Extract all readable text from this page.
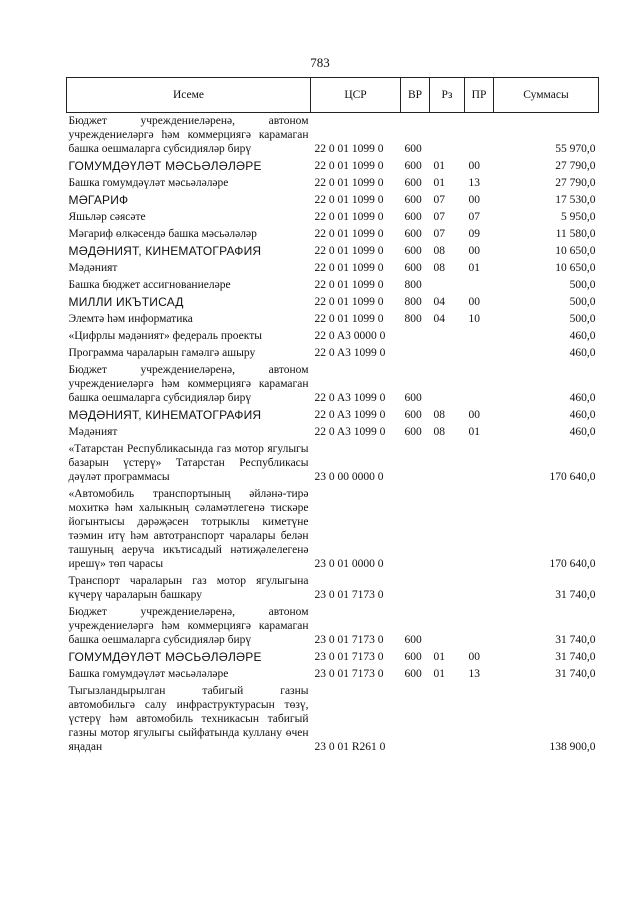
783
Исеме	ЦСР	ВР	Рз	ПР	Суммасы
Бюджет учреждениеләренә, автоном учреждениеләргә һәм коммерциягә карамаган башка оешмаларга субсидияләр бирү	22 0 01 1099 0	600			55 970,0
ГОМУМДӘҮЛӘТ МӘСЬӘЛӘЛӘРЕ	22 0 01 1099 0	600	01	00	27 790,0
Башка гомумдәүләт мәсьәләләре	22 0 01 1099 0	600	01	13	27 790,0
МӘГАРИФ	22 0 01 1099 0	600	07	00	17 530,0
Яшьләр сәясәте	22 0 01 1099 0	600	07	07	5 950,0
Мәгариф өлкәсендә башка мәсьәләләр	22 0 01 1099 0	600	07	09	11 580,0
МӘДӘНИЯТ, КИНЕМАТОГРАФИЯ	22 0 01 1099 0	600	08	00	10 650,0
Мәдәният	22 0 01 1099 0	600	08	01	10 650,0
Башка бюджет ассигнованиеләре	22 0 01 1099 0	800			500,0
МИЛЛИ ИКЪТИСАД	22 0 01 1099 0	800	04	00	500,0
Элемтә һәм информатика	22 0 01 1099 0	800	04	10	500,0
«Цифрлы мәдәният» федераль проекты	22 0 A3 0000 0				460,0
Программа чараларын гамәлгә ашыру	22 0 A3 1099 0				460,0
Бюджет учреждениеләренә, автоном учреждениеләргә һәм коммерциягә карамаган башка оешмаларга субсидияләр бирү	22 0 A3 1099 0	600			460,0
МӘДӘНИЯТ, КИНЕМАТОГРАФИЯ	22 0 A3 1099 0	600	08	00	460,0
Мәдәният	22 0 A3 1099 0	600	08	01	460,0
«Татарстан Республикасында газ мотор ягулыгы базарын үстерү» Татарстан Республикасы дәүләт программасы	23 0 00 0000 0				170 640,0
«Автомобиль транспортының әйләнә-тирә мохиткә һәм халыкның сәламәтлегенә тискәре йогынтысы дәрәҗәсен тотрыклы киметүне тәэмин итү һәм автотранспорт чаралары белән ташуның аеруча икътисадый нәтиҗәлелегенә ирешү» төп чарасы	23 0 01 0000 0				170 640,0
Транспорт чараларын газ мотор ягулыгына күчерү чараларын башкару	23 0 01 7173 0				31 740,0
Бюджет учреждениеләренә, автоном учреждениеләргә һәм коммерциягә карамаган башка оешмаларга субсидияләр бирү	23 0 01 7173 0	600			31 740,0
ГОМУМДӘҮЛӘТ МӘСЬӘЛӘЛӘРЕ	23 0 01 7173 0	600	01	00	31 740,0
Башка гомумдәүләт мәсьәләләре	23 0 01 7173 0	600	01	13	31 740,0
Тыгызландырылган табигый газны автомобильгә салу инфраструктурасын төзү, үстерү һәм автомобиль техникасын табигый газны мотор ягулыгы сыйфатында куллану өчен яңадан	23 0 01 R261 0				138 900,0
